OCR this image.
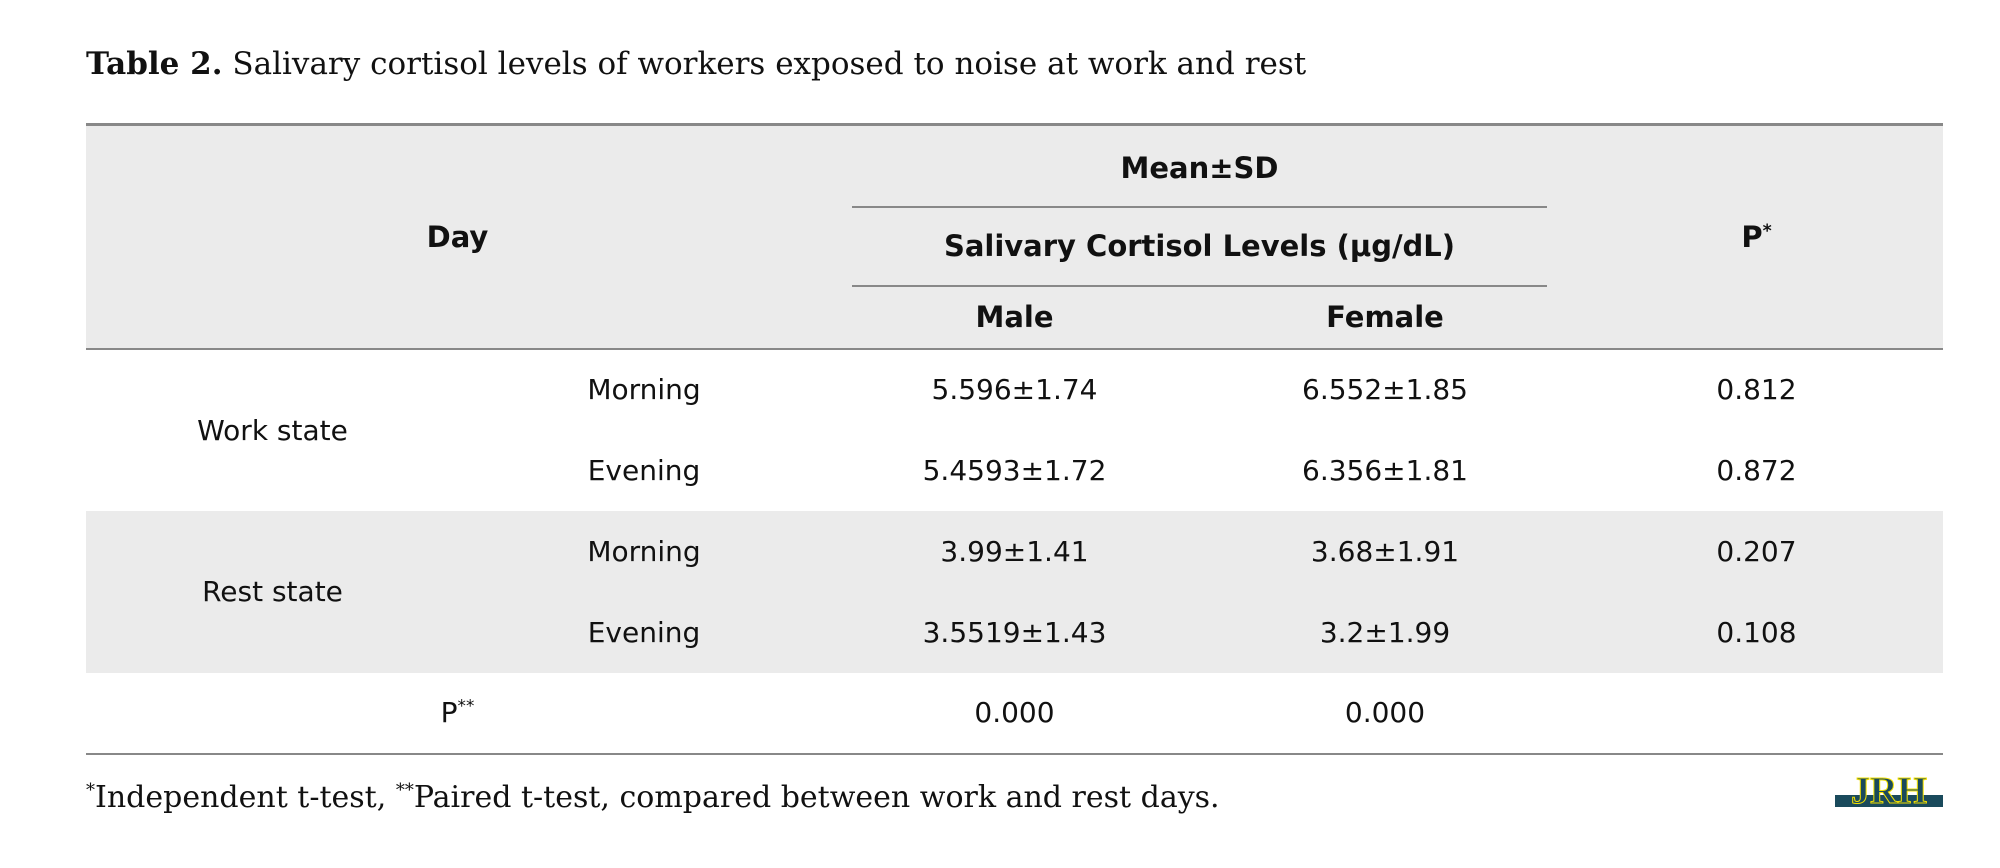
Table 2. Salivary cortisol levels of workers exposed to noise at work and rest
Day		Mean±SD		P*

		Salivary Cortisol Levels (μg/dL)		

		Male	Female	
Work state	Morning	5.596±1.74	6.552±1.85	0.812
	Evening	5.4593±1.72	6.356±1.81	0.872
Rest state	Morning	3.99±1.41	3.68±1.91	0.207
	Evening	3.5519±1.43	3.2±1.99	0.108
P**		0.000	0.000	
*Independent t-test, **Paired t-test, compared between work and rest days.	JRH
